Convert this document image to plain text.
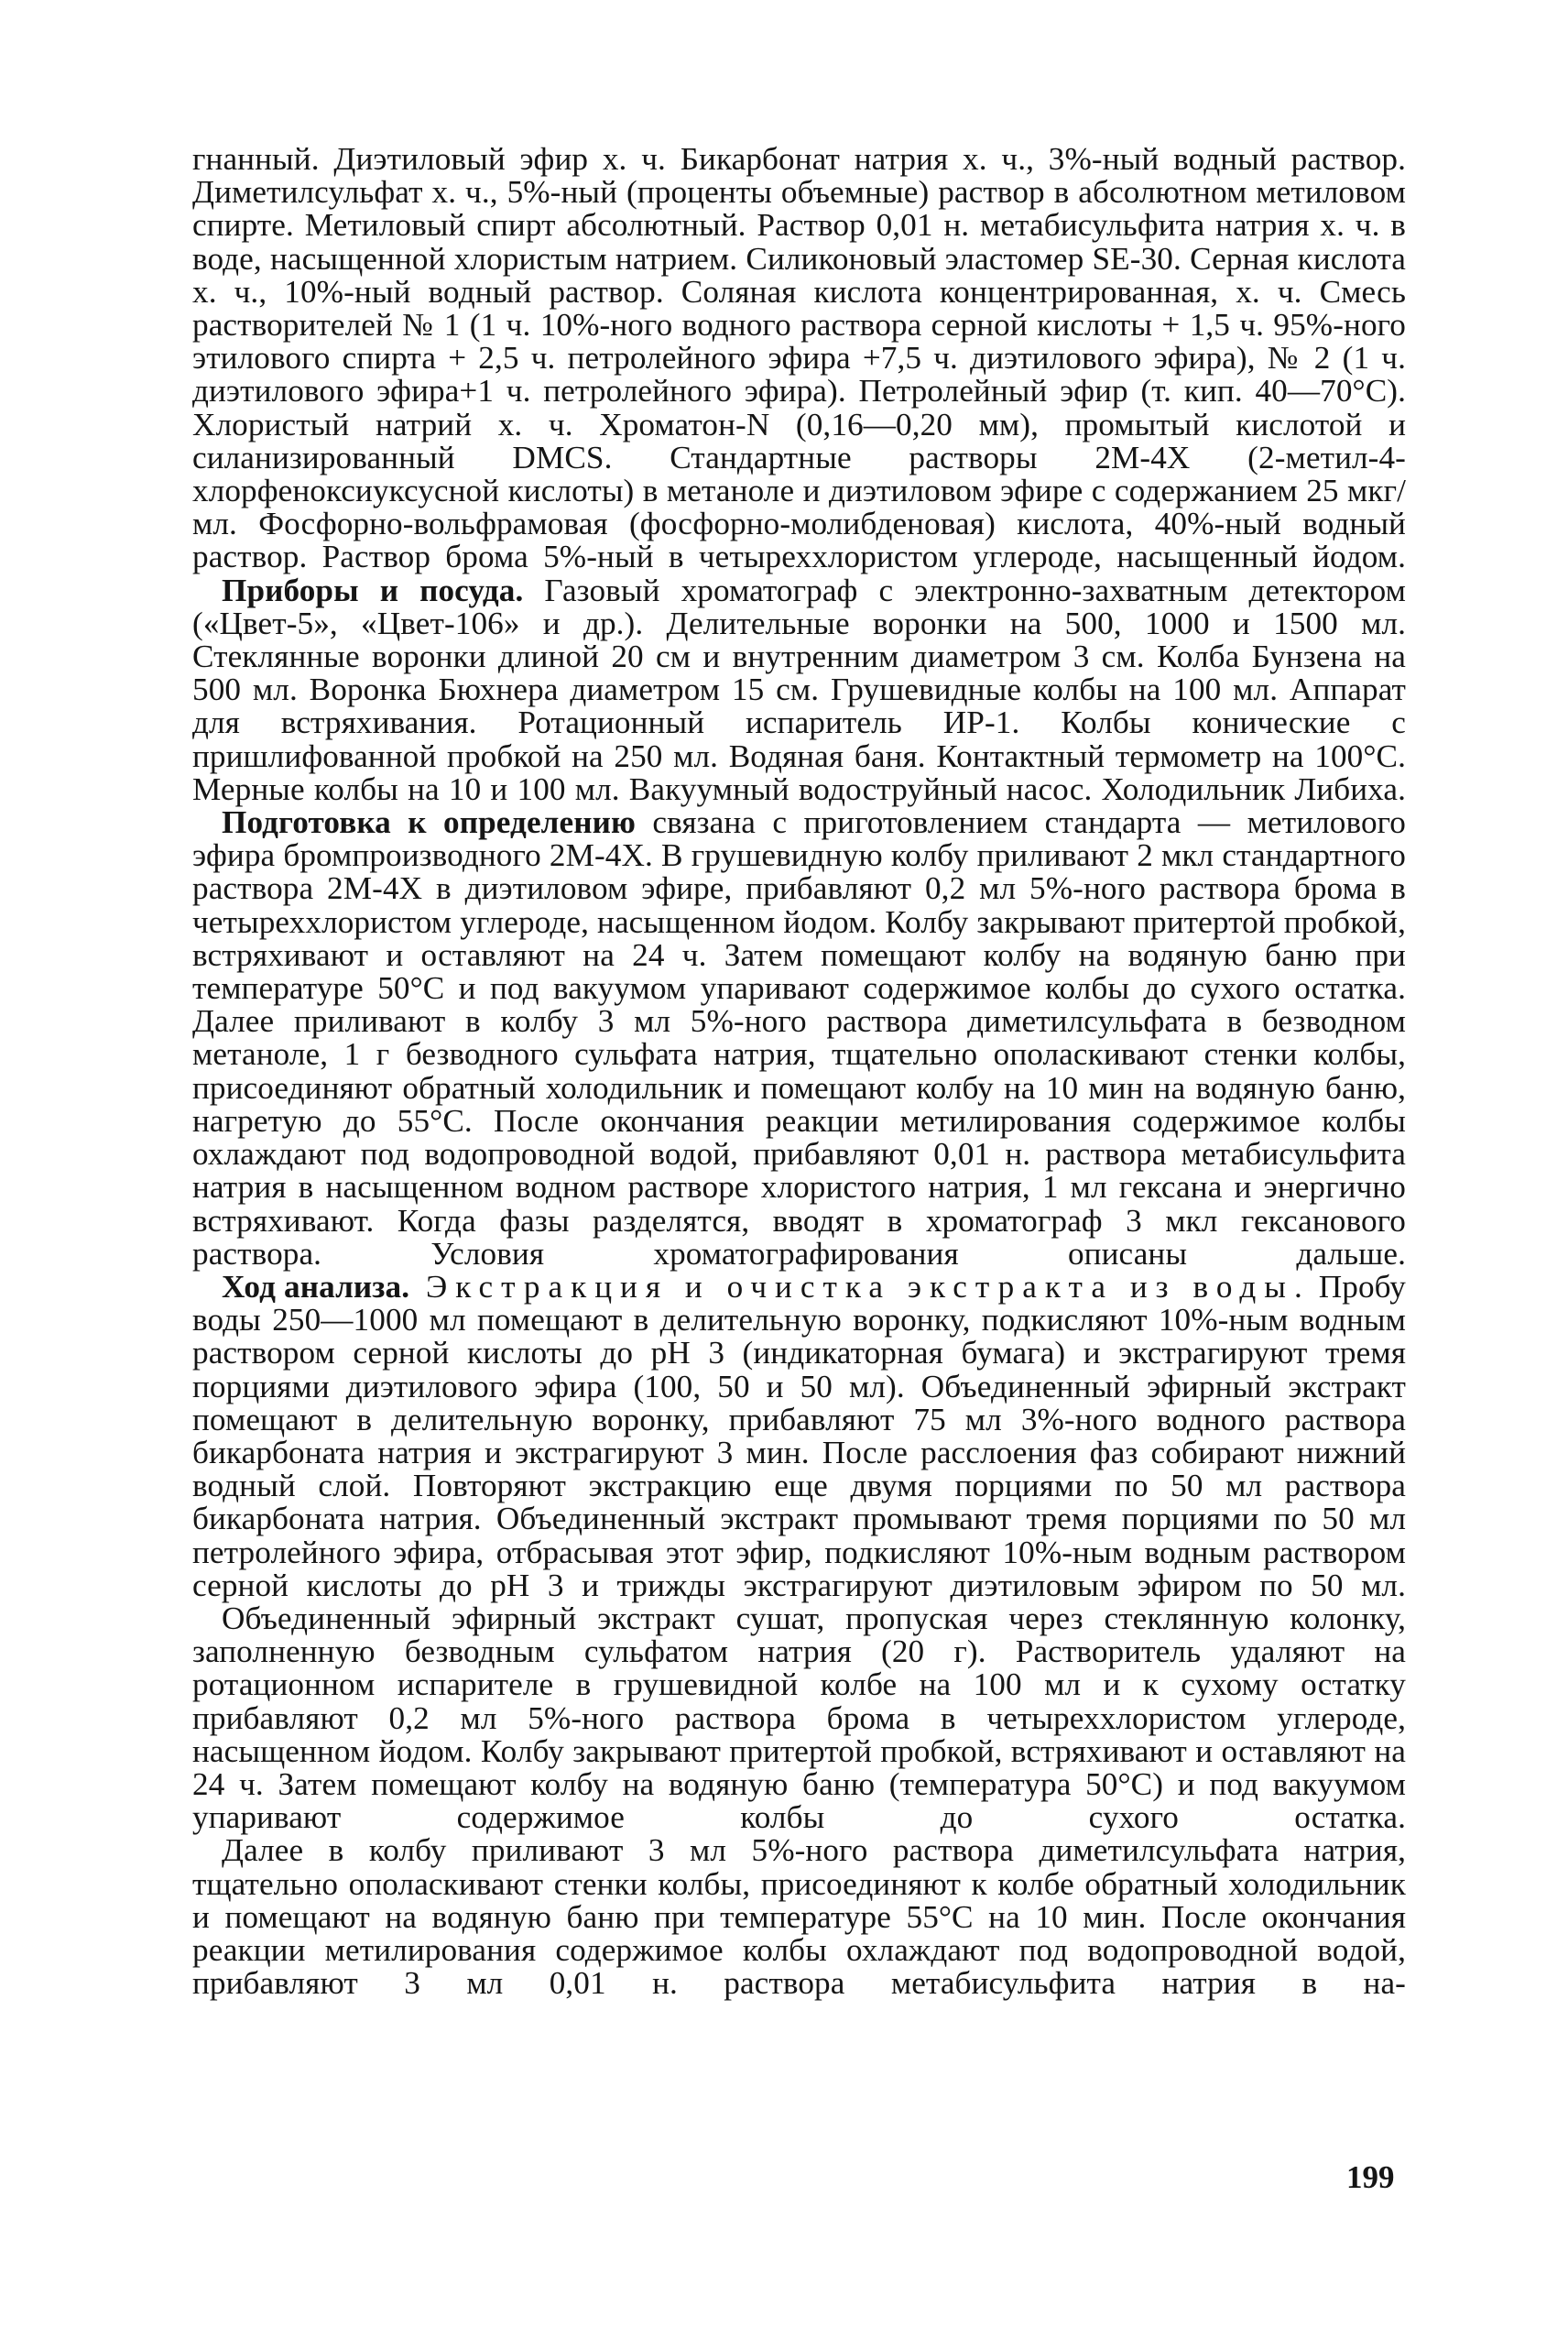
гнанный. Диэтиловый эфир х. ч. Бикарбонат натрия х. ч., 3%-ный водный раствор. Диметилсульфат х. ч., 5%-ный (проценты объемные) раствор в абсолютном метиловом спирте. Метиловый спирт абсолютный. Раствор 0,01 н. метабисульфита натрия х. ч. в воде, насыщенной хлористым натрием. Силиконовый эластомер SE-30. Серная кислота х. ч., 10%-ный водный раствор. Соляная кислота концентрированная, х. ч. Смесь растворителей № 1 (1 ч. 10%-ного водного раствора серной кислоты + 1,5 ч. 95%-ного этилового спирта + 2,5 ч. петролейного эфира +7,5 ч. диэтилового эфира), № 2 (1 ч. диэтилового эфира+1 ч. петролейного эфира). Петролейный эфир (т. кип. 40—70°С). Хлористый натрий х. ч. Хроматон-N (0,16—0,20 мм), промытый кислотой и силанизированный DMCS. Стандартные растворы 2М-4Х (2-метил-4-хлорфеноксиуксусной кислоты) в метаноле и диэтиловом эфире с содержанием 25 мкг/мл. Фосфорно-вольфрамовая (фосфорно-молибденовая) кислота, 40%-ный водный раствор. Раствор брома 5%-ный в четыреххлористом углероде, насыщенный йодом.

Приборы и посуда. Газовый хроматограф с электронно-захватным детектором («Цвет-5», «Цвет-106» и др.). Делительные воронки на 500, 1000 и 1500 мл. Стеклянные воронки длиной 20 см и внутренним диаметром 3 см. Колба Бунзена на 500 мл. Воронка Бюхнера диаметром 15 см. Грушевидные колбы на 100 мл. Аппарат для встряхивания. Ротационный испаритель ИР-1. Колбы конические с пришлифованной пробкой на 250 мл. Водяная баня. Контактный термометр на 100°С. Мерные колбы на 10 и 100 мл. Вакуумный водоструйный насос. Холодильник Либиха.

Подготовка к определению связана с приготовлением стандарта — метилового эфира бромпроизводного 2М-4Х. В грушевидную колбу приливают 2 мкл стандартного раствора 2М-4Х в диэтиловом эфире, прибавляют 0,2 мл 5%-ного раствора брома в четыреххлористом углероде, насыщенном йодом. Колбу закрывают притертой пробкой, встряхивают и оставляют на 24 ч. Затем помещают колбу на водяную баню при температуре 50°С и под вакуумом упаривают содержимое колбы до сухого остатка. Далее приливают в колбу 3 мл 5%-ного раствора диметилсульфата в безводном метаноле, 1 г безводного сульфата натрия, тщательно ополаскивают стенки колбы, присоединяют обратный холодильник и помещают колбу на 10 мин на водяную баню, нагретую до 55°С. После окончания реакции метилирования содержимое колбы охлаждают под водопроводной водой, прибавляют 0,01 н. раствора метабисульфита натрия в насыщенном водном растворе хлористого натрия, 1 мл гексана и энергично встряхивают. Когда фазы разделятся, вводят в хроматограф 3 мкл гексанового раствора. Условия хроматографирования описаны дальше.

Ход анализа. Экстракция и очистка экстракта из воды. Пробу воды 250—1000 мл помещают в делительную воронку, подкисляют 10%-ным водным раствором серной кислоты до рН 3 (индикаторная бумага) и экстрагируют тремя порциями диэтилового эфира (100, 50 и 50 мл). Объединенный эфирный экстракт помещают в делительную воронку, прибавляют 75 мл 3%-ного водного раствора бикарбоната натрия и экстрагируют 3 мин. После расслоения фаз собирают нижний водный слой. Повторяют экстракцию еще двумя порциями по 50 мл раствора бикарбоната натрия. Объединенный экстракт промывают тремя порциями по 50 мл петролейного эфира, отбрасывая этот эфир, подкисляют 10%-ным водным раствором серной кислоты до рН 3 и трижды экстрагируют диэтиловым эфиром по 50 мл.

Объединенный эфирный экстракт сушат, пропуская через стеклянную колонку, заполненную безводным сульфатом натрия (20 г). Растворитель удаляют на ротационном испарителе в грушевидной колбе на 100 мл и к сухому остатку прибавляют 0,2 мл 5%-ного раствора брома в четыреххлористом углероде, насыщенном йодом. Колбу закрывают притертой пробкой, встряхивают и оставляют на 24 ч. Затем помещают колбу на водяную баню (температура 50°С) и под вакуумом упаривают содержимое колбы до сухого остатка.

Далее в колбу приливают 3 мл 5%-ного раствора диметилсульфата натрия, тщательно ополаскивают стенки колбы, присоединяют к колбе обратный холодильник и помещают на водяную баню при температуре 55°С на 10 мин. После окончания реакции метилирования содержимое колбы охлаждают под водопроводной водой, прибавляют 3 мл 0,01 н. раствора метабисульфита натрия в на-

199
